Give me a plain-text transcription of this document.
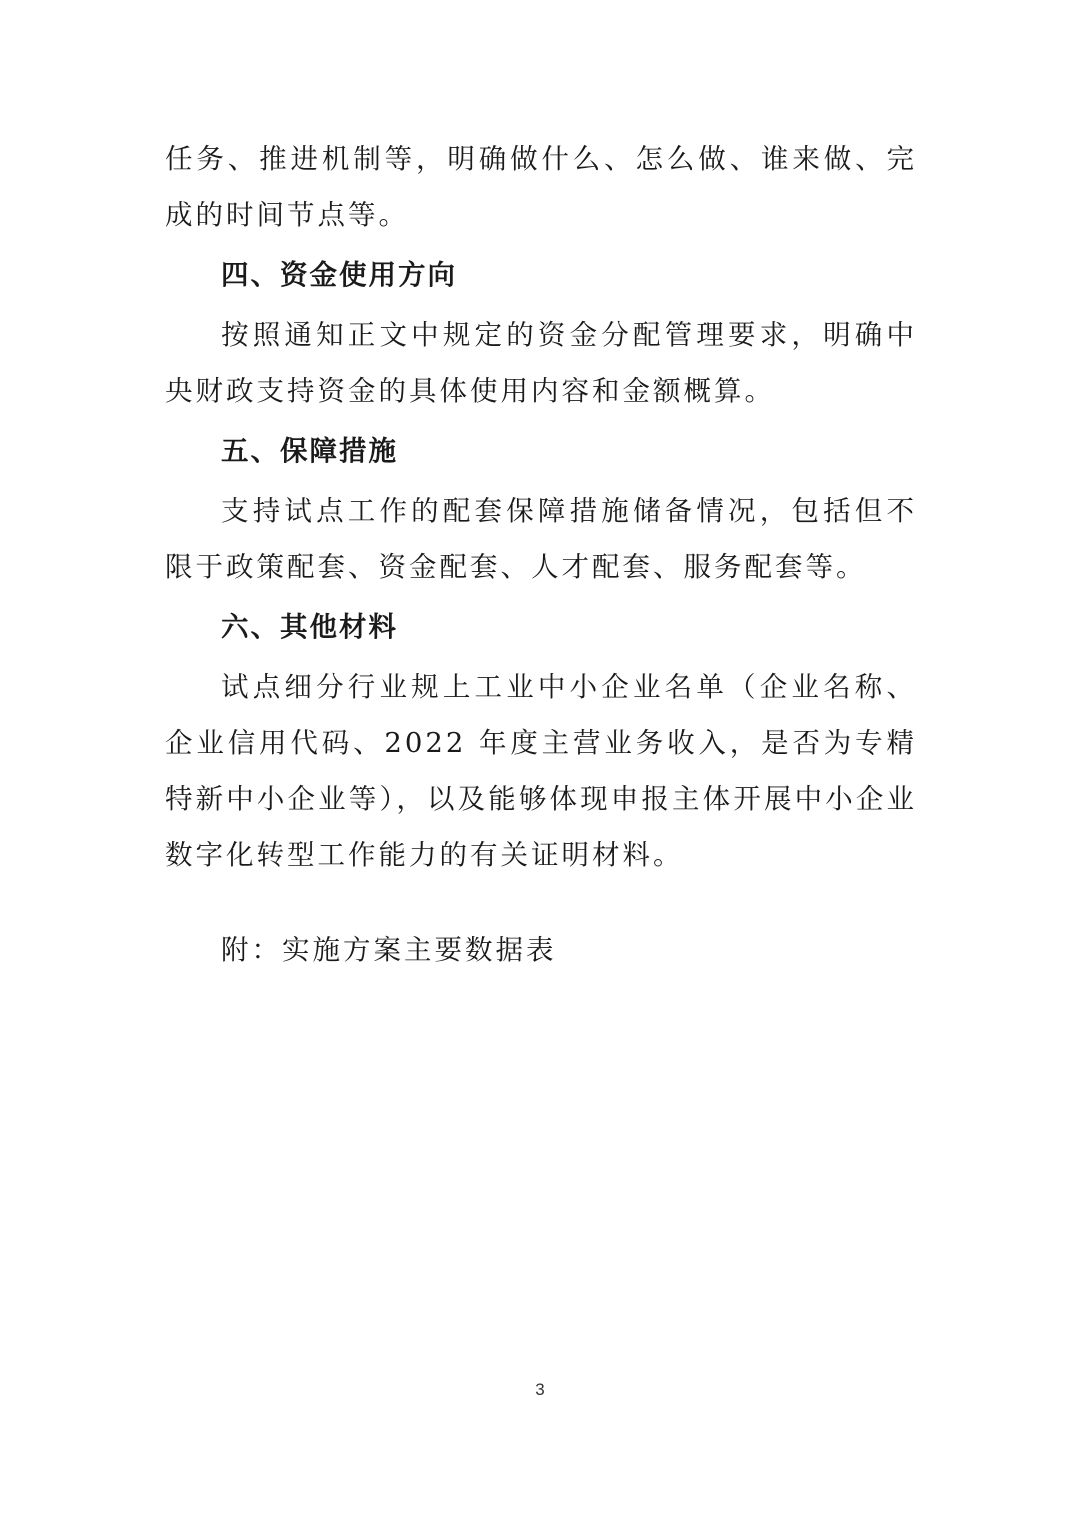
任务、推进机制等，明确做什么、怎么做、谁来做、完成的时间节点等。

四、资金使用方向

按照通知正文中规定的资金分配管理要求，明确中央财政支持资金的具体使用内容和金额概算。

五、保障措施

支持试点工作的配套保障措施储备情况，包括但不限于政策配套、资金配套、人才配套、服务配套等。

六、其他材料

试点细分行业规上工业中小企业名单（企业名称、企业信用代码、2022 年度主营业务收入，是否为专精特新中小企业等），以及能够体现申报主体开展中小企业数字化转型工作能力的有关证明材料。

附：实施方案主要数据表

3
